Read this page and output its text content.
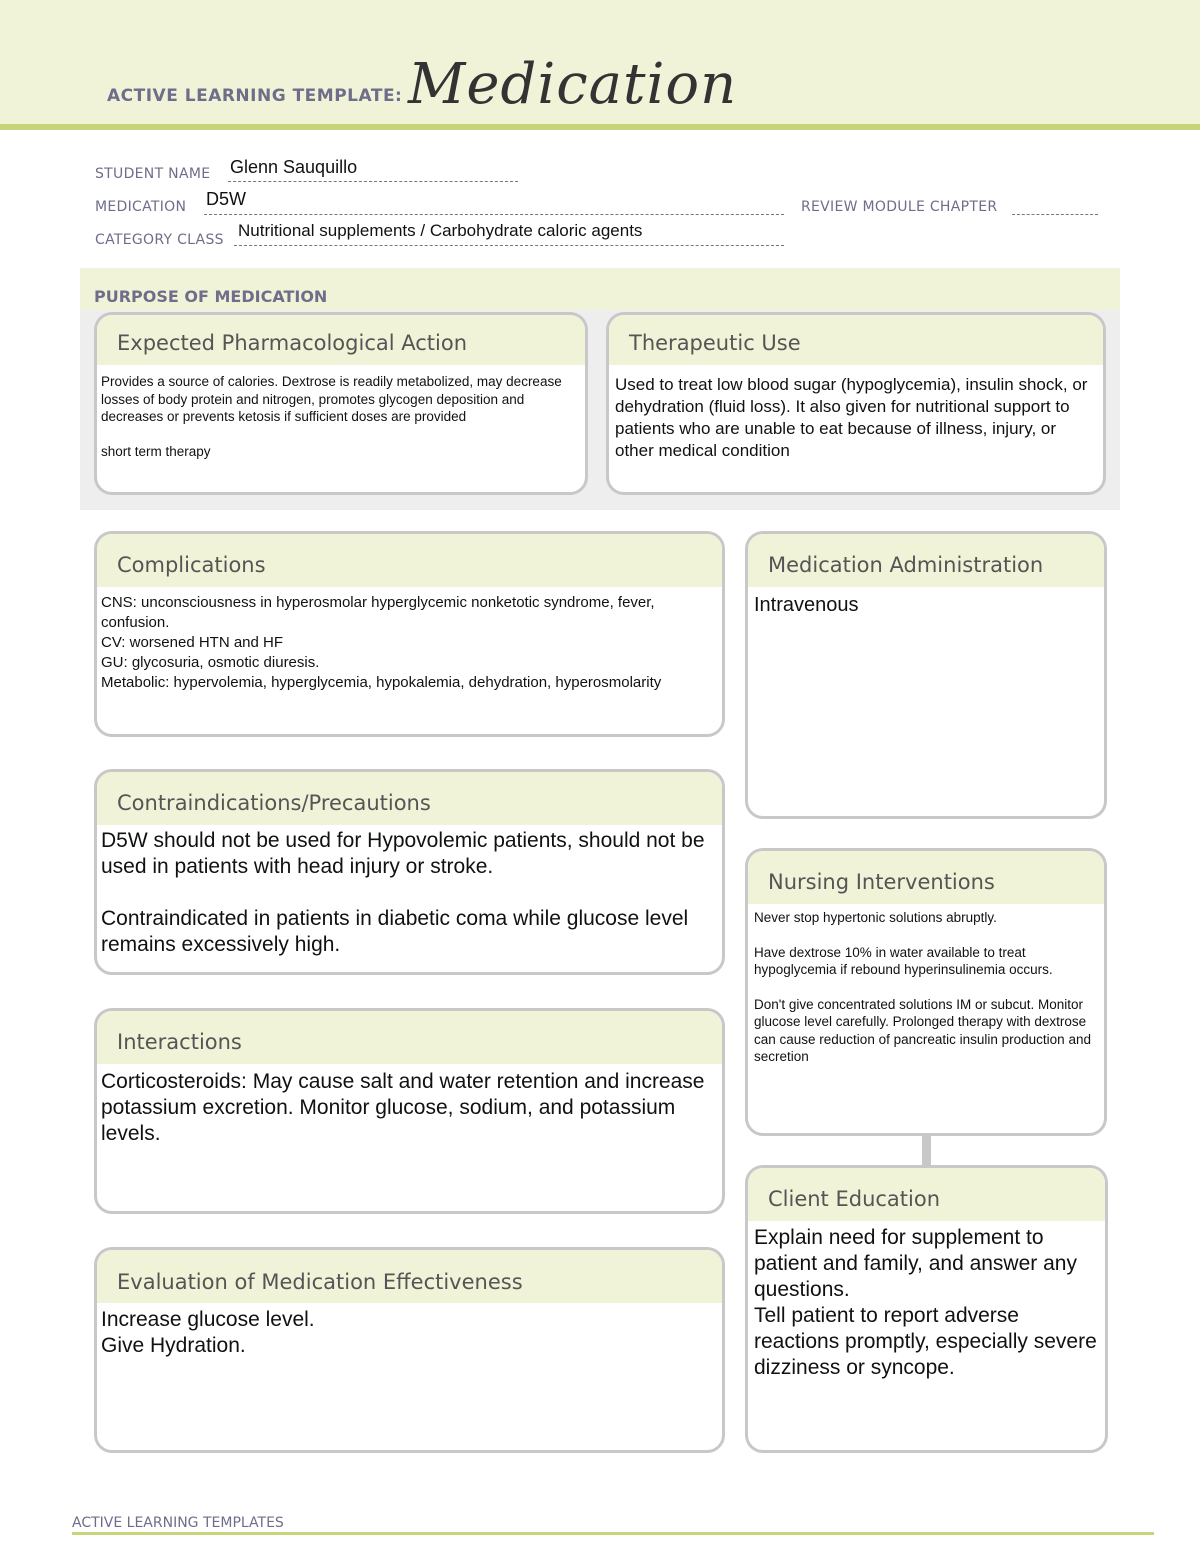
ACTIVE LEARNING TEMPLATE: Medication
STUDENT NAME Glenn Sauquillo
MEDICATION D5W	REVIEW MODULE CHAPTER
CATEGORY CLASS Nutritional supplements / Carbohydrate caloric agents
PURPOSE OF MEDICATION
Expected Pharmacological Action
Provides a source of calories. Dextrose is readily metabolized, may decrease losses of body protein and nitrogen, promotes glycogen deposition and decreases or prevents ketosis if sufficient doses are provided

short term therapy
Therapeutic Use
Used to treat low blood sugar (hypoglycemia), insulin shock, or dehydration (fluid loss). It also given for nutritional support to patients who are unable to eat because of illness, injury, or other medical condition
Complications
CNS: unconsciousness in hyperosmolar hyperglycemic nonketotic syndrome, fever, confusion.
CV: worsened HTN and HF
GU: glycosuria, osmotic diuresis.
Metabolic: hypervolemia, hyperglycemia, hypokalemia, dehydration, hyperosmolarity
Medication Administration
Intravenous
Contraindications/Precautions
D5W should not be used for Hypovolemic patients, should not be used in patients with head injury or stroke.

Contraindicated in patients in diabetic coma while glucose level remains excessively high.
Nursing Interventions
Never stop hypertonic solutions abruptly.

Have dextrose 10% in water available to treat hypoglycemia if rebound hyperinsulinemia occurs.

Don't give concentrated solutions IM or subcut. Monitor glucose level carefully. Prolonged therapy with dextrose can cause reduction of pancreatic insulin production and secretion
Interactions
Corticosteroids: May cause salt and water retention and increase potassium excretion. Monitor glucose, sodium, and potassium levels.
Client Education
Explain need for supplement to patient and family, and answer any questions.
Tell patient to report adverse reactions promptly, especially severe dizziness or syncope.
Evaluation of Medication Effectiveness
Increase glucose level.
Give Hydration.
ACTIVE LEARNING TEMPLATES
